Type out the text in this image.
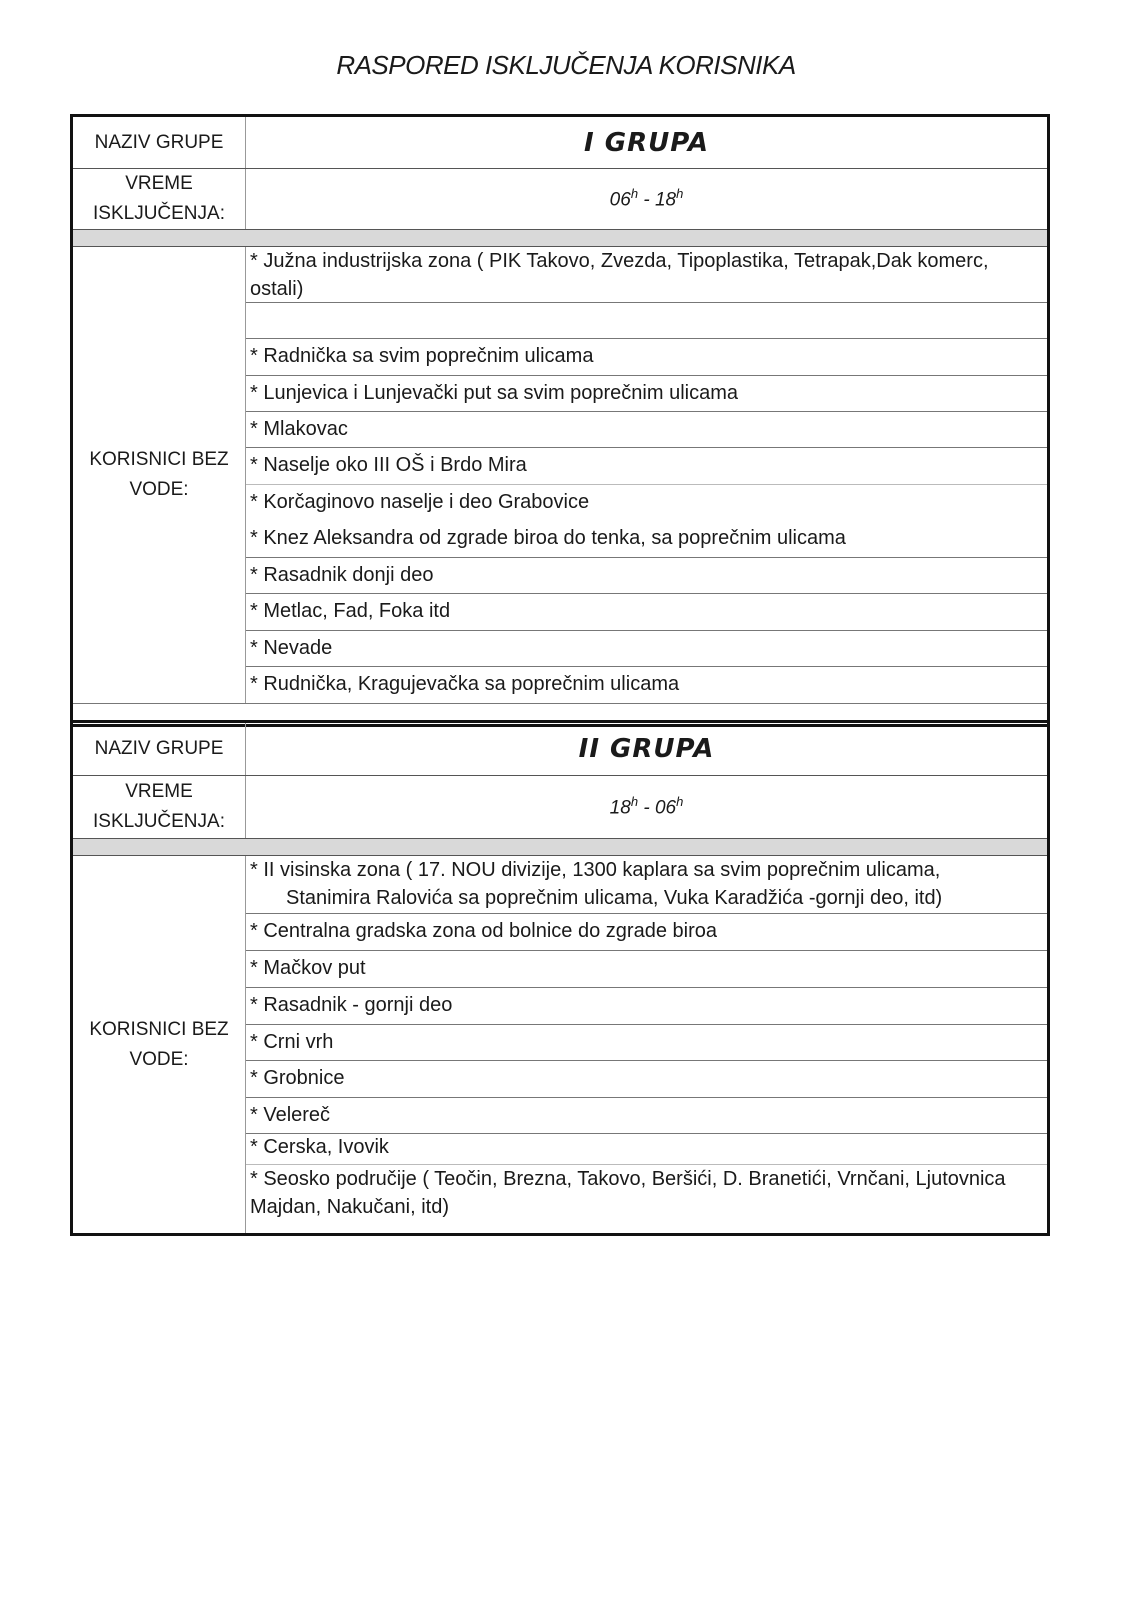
RASPORED ISKLJUČENJA KORISNIKA
NAZIV GRUPE	I GRUPA
VREME ISKLJUČENJA:
06$^h$ - 18$^h$
KORISNICI BEZ VODE:
* Južna industrijska zona ( PIK Takovo, Zvezda, Tipoplastika, Tetrapak,Dak komerc, ostali)
* Radnička sa svim poprečnim ulicama
* Lunjevica i Lunjevački put sa svim poprečnim ulicama
* Mlakovac
* Naselje oko III OŠ i Brdo Mira
* Korčaginovo naselje i deo Grabovice
* Knez Aleksandra od zgrade biroa do tenka, sa poprečnim ulicama
* Rasadnik donji deo
* Metlac, Fad, Foka itd
* Nevade
* Rudnička, Kragujevačka sa poprečnim ulicama
NAZIV GRUPE	II GRUPA
VREME ISKLJUČENJA:
18$^h$ - 06$^h$
KORISNICI BEZ VODE:
* II visinska zona ( 17. NOU divizije, 1300 kaplara sa svim poprečnim ulicama,
Stanimira Ralovića sa poprečnim ulicama, Vuka Karadžića -gornji deo, itd)
* Centralna gradska zona od bolnice do zgrade biroa
* Mačkov put
* Rasadnik - gornji deo
* Crni vrh
* Grobnice
* Velereč
* Cerska, Ivovik
* Seosko područije ( Teočin, Brezna, Takovo, Beršići, D. Branetići, Vrnčani, Ljutovnica
Majdan, Nakučani, itd)
